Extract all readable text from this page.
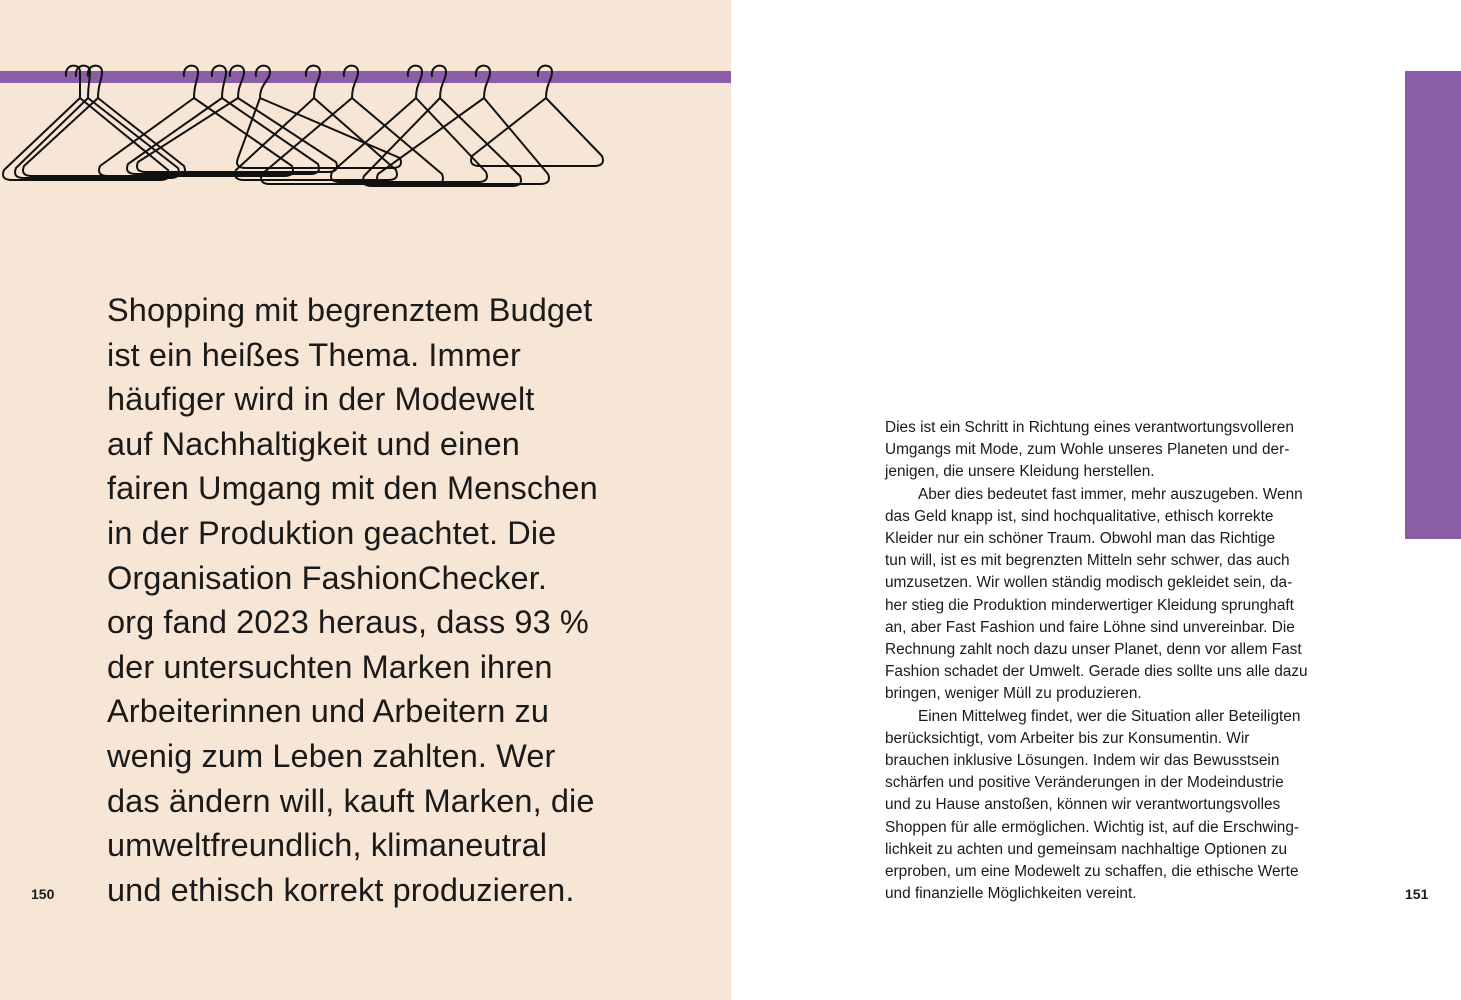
Shopping mit begrenztem Budget
ist ein heißes Thema. Immer
häufiger wird in der Modewelt
auf Nachhaltigkeit und einen
fairen Umgang mit den Menschen
in der Produktion geachtet. Die
Organisation FashionChecker.
org fand 2023 heraus, dass 93 %
der untersuchten Marken ihren
Arbeiterinnen und Arbeitern zu
wenig zum Leben zahlten. Wer
das ändern will, kauft Marken, die
umweltfreundlich, klimaneutral
und ethisch korrekt produzieren.
150
Dies ist ein Schritt in Richtung eines verantwortungsvolleren
Umgangs mit Mode, zum Wohle unseres Planeten und der-
jenigen, die unsere Kleidung herstellen.
Aber dies bedeutet fast immer, mehr auszugeben. Wenn
das Geld knapp ist, sind hochqualitative, ethisch korrekte
Kleider nur ein schöner Traum. Obwohl man das Richtige
tun will, ist es mit begrenzten Mitteln sehr schwer, das auch
umzusetzen. Wir wollen ständig modisch gekleidet sein, da-
her stieg die Produktion minderwertiger Kleidung sprunghaft
an, aber Fast Fashion und faire Löhne sind unvereinbar. Die
Rechnung zahlt noch dazu unser Planet, denn vor allem Fast
Fashion schadet der Umwelt. Gerade dies sollte uns alle dazu
bringen, weniger Müll zu produzieren.
Einen Mittelweg findet, wer die Situation aller Beteiligten
berücksichtigt, vom Arbeiter bis zur Konsumentin. Wir
brauchen inklusive Lösungen. Indem wir das Bewusstsein
schärfen und positive Veränderungen in der Modeindustrie
und zu Hause anstoßen, können wir verantwortungsvolles
Shoppen für alle ermöglichen. Wichtig ist, auf die Erschwing-
lichkeit zu achten und gemeinsam nachhaltige Optionen zu
erproben, um eine Modewelt zu schaffen, die ethische Werte
und finanzielle Möglichkeiten vereint.	151
